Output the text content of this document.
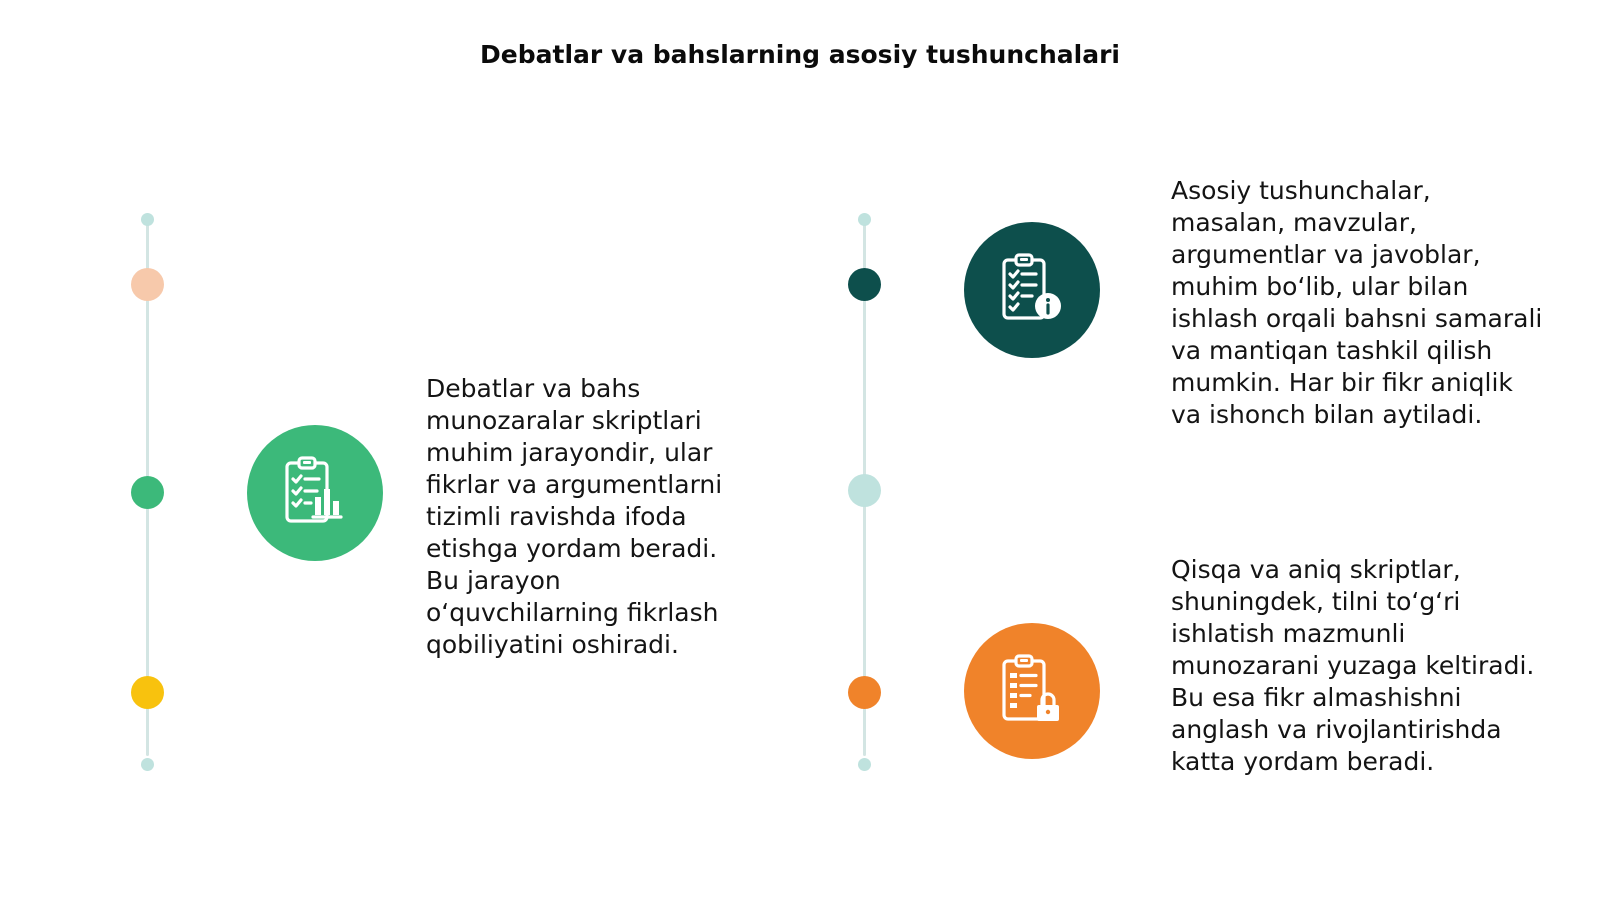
Debatlar va bahslarning asosiy tushunchalari
Debatlar va bahs munozaralar skriptlari muhim jarayondir, ular fikrlar va argumentlarni tizimli ravishda ifoda etishga yordam beradi. Bu jarayon o‘quvchilarning fikrlash qobiliyatini oshiradi.
Asosiy tushunchalar, masalan, mavzular, argumentlar va javoblar, muhim bo‘lib, ular bilan ishlash orqali bahsni samarali va mantiqan tashkil qilish mumkin. Har bir fikr aniqlik va ishonch bilan aytiladi.
Qisqa va aniq skriptlar, shuningdek, tilni to‘g‘ri ishlatish mazmunli munozarani yuzaga keltiradi. Bu esa fikr almashishni anglash va rivojlantirishda katta yordam beradi.
